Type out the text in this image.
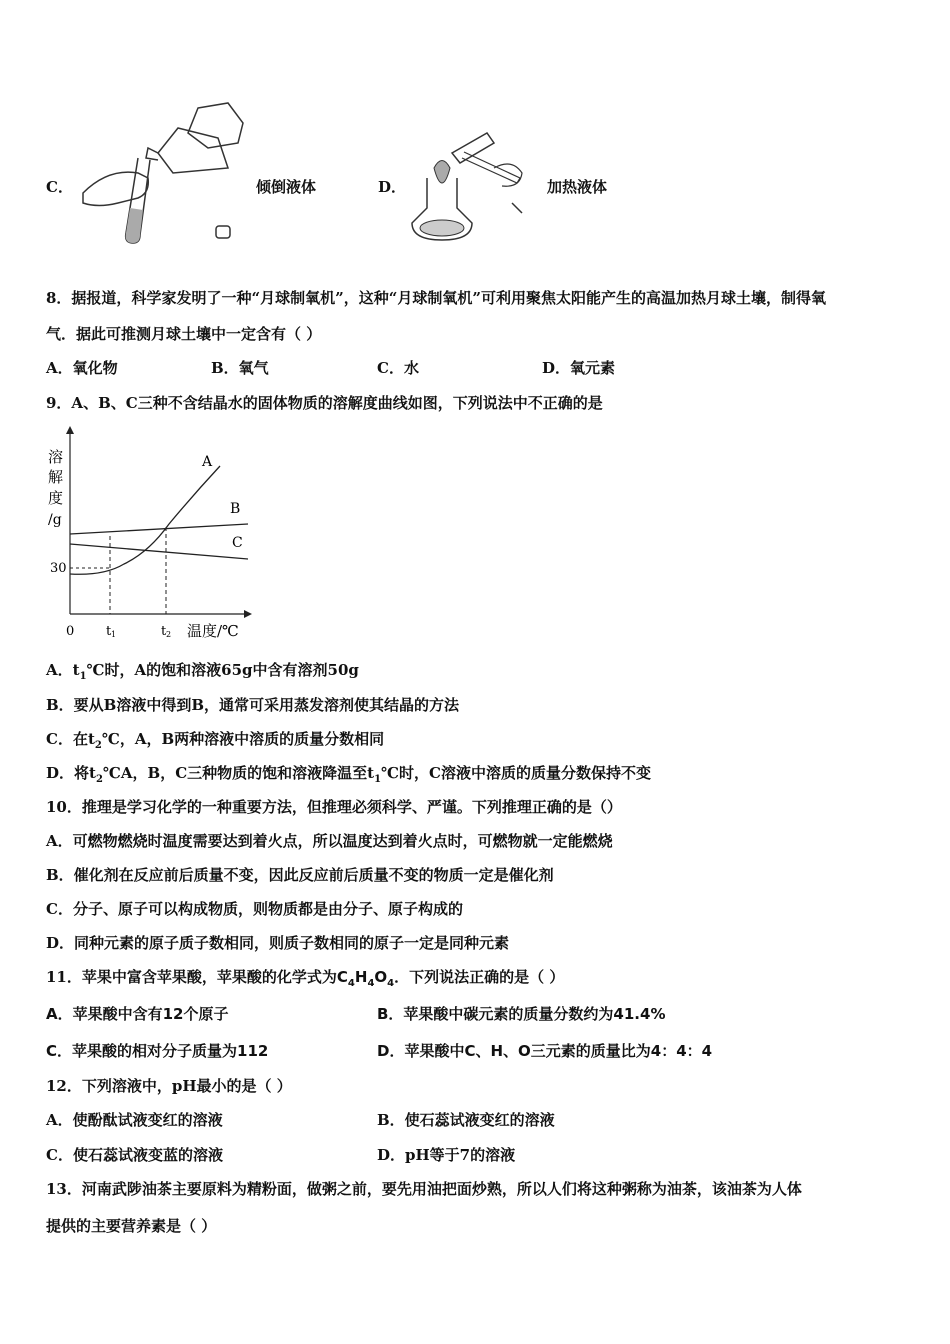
C．	倾倒液体	D．	加热液体
8．据报道，科学家发明了一种“月球制氧机”，这种“月球制氧机”可利用聚焦太阳能产生的高温加热月球土壤，制得氧
气．据此可推测月球土壤中一定含有（ ）
A．氧化物	B．氧气	C．水	D．氧元素
9．A、B、C三种不含结晶水的固体物质的溶解度曲线如图，下列说法中不正确的是
溶
解
度
/g
30
A
B
C
0 t 1	t 2 温度/℃
A．$t_1℃$时，A的饱和溶液65g中含有溶剂50g
B．要从B溶液中得到B，通常可采用蒸发溶剂使其结晶的方法
C．在$t_2℃$，A，B两种溶液中溶质的质量分数相同
D．将$t_2℃A$，B，C三种物质的饱和溶液降温至$t_1℃$时，C溶液中溶质的质量分数保持不变
10．推理是学习化学的一种重要方法，但推理必须科学、严谨。下列推理正确的是（）
A．可燃物燃烧时温度需要达到着火点，所以温度达到着火点时，可燃物就一定能燃烧
B．催化剂在反应前后质量不变，因此反应前后质量不变的物质一定是催化剂
C．分子、原子可以构成物质，则物质都是由分子、原子构成的
D．同种元素的原子质子数相同，则质子数相同的原子一定是同种元素
11．苹果中富含苹果酸，苹果酸的化学式为$C_4H_4O_4$．下列说法正确的是（ ）
A．苹果酸中含有12个原子	B．苹果酸中碳元素的质量分数约为41.4%
C．苹果酸的相对分子质量为112	D．苹果酸中C、H、O三元素的质量比为4：4：4
12．下列溶液中，pH最小的是（ ）
A．使酚酞试液变红的溶液	B．使石蕊试液变红的溶液
C．使石蕊试液变蓝的溶液	D．pH等于7的溶液
13．河南武陟油茶主要原料为精粉面，做粥之前，要先用油把面炒熟，所以人们将这种粥称为油茶，该油茶为人体
提供的主要营养素是（ ）
